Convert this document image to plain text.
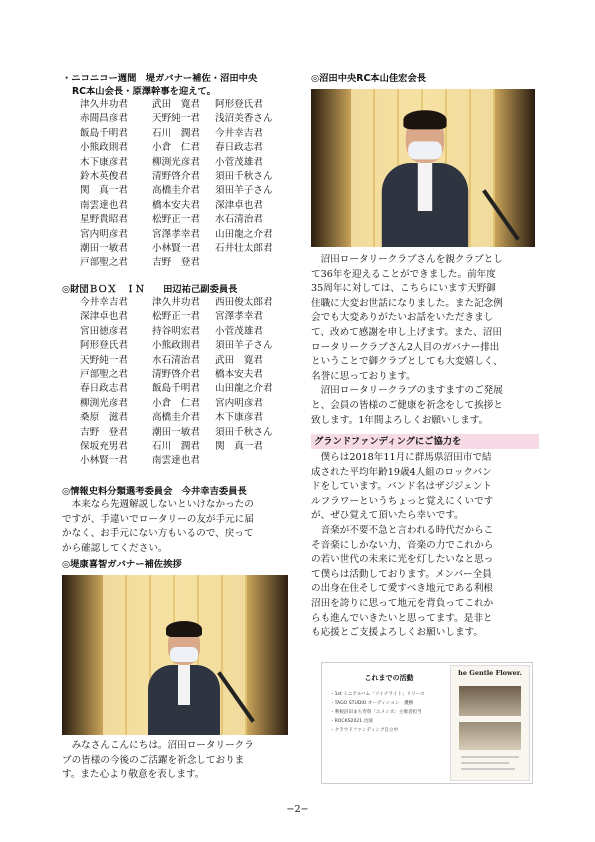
・ニコニコー週間　堤ガバナー補佐・沼田中央
RC本山会長・原澤幹事を迎えて。
津久井功君	武田　寛君	阿形登氏君
赤間昌彦君	天野純一君	浅沼美香さん
飯島千明君	石川　潤君	今井幸吉君
小熊政則君	小倉　仁君	春日政志君
木下康彦君	柳渕光彦君	小菅茂雄君
鈴木英俊君	清野啓介君	須田千秋さん
関　真一君	高橋圭介君	須田羊子さん
南雲達也君	橋本安夫君	深津卓也君
星野貴昭君	松野正一君	水石清治君
宮内明彦君	宮澤孝幸君	山田龍之介君
潮田一敏君	小林賢一君	石井壮太郎君
戸部聖之君	吉野　登君
◎財団ＢＯＸ　ＩＮ　　田辺祐己副委員長
今井幸吉君	津久井功君	西田俊太郎君
深津卓也君	松野正一君	宮澤孝幸君
宮田徳彦君	持谷明宏君	小菅茂雄君
阿形登氏君	小熊政則君	須田羊子さん
天野純一君	水石清治君	武田　寛君
戸部聖之君	清野啓介君	橋本安夫君
春日政志君	飯島千明君	山田龍之介君
柳渕光彦君	小倉　仁君	宮内明彦君
桑原　滋君	高橋圭介君	木下康彦君
吉野　登君	潮田一敏君	須田千秋さん
保坂充男君	石川　潤君	関　真一君
小林賢一君	南雲達也君
◎情報史料分類選考委員会　今井幸吉委員長

本来なら先週解説しないといけなかったの

ですが、手違いでロータリーの友が手元に届

かなく、お手元にない方もいるので、戻って

から確認してください。

◎堤康喜智ガバナー補佐挨拶

みなさんこんにちは。沼田ロータリークラ

ブの皆様の今後のご活躍を祈念しておりま

す。また心より敬意を表します。

◎沼田中央RC本山佳宏会長

沼田ロータリークラブさんを親クラブとし

て36年を迎えることができました。前年度

35周年に対しては、こちらにいます天野御

住職に大変お世話になりました。また記念例

会でも大変ありがたいお話をいただきまし

て、改めて感謝を申し上げます。また、沼田

ロータリークラブさん2人目のガバナー排出

ということで御クラブとしても大変嬉しく、

名誉に思っております。

沼田ロータリークラブのますますのご発展

と、会員の皆様のご健康を祈念をして挨拶と

致します。1年間よろしくお願いします。

グランドファンディングにご協力を

僕らは2018年11月に群馬県沼田市で結

成された平均年齢19歳4人組のロックバン

ドをしています。バンド名はザジジェント

ルフラワーというちょっと覚えにくいです

が、ぜひ覚えて頂いたら幸いです。

音楽が不要不急と言われる時代だからこ

そ音楽にしかない力、音楽の力でこれから

の若い世代の未来に光を灯したいなと思っ

て僕らは活動しております。メンバー全員

の出身在住そして愛すべき地元である利根

沼田を誇りに思って地元を背負ってこれか

らも進んでいきたいと思ってます。是非と

も応援とご支援よろしくお願いします。

これまでの活動
・1st ミニアルバム「ソイナライト」リリース
・TAGO STUDIO オーディション　優勝
・利根沼田まち寿祭「ユメシズ」主催者担当
・ROCKS2021 出演
・クラウドファンディング自立中
he Gentle Flower.
−2−
